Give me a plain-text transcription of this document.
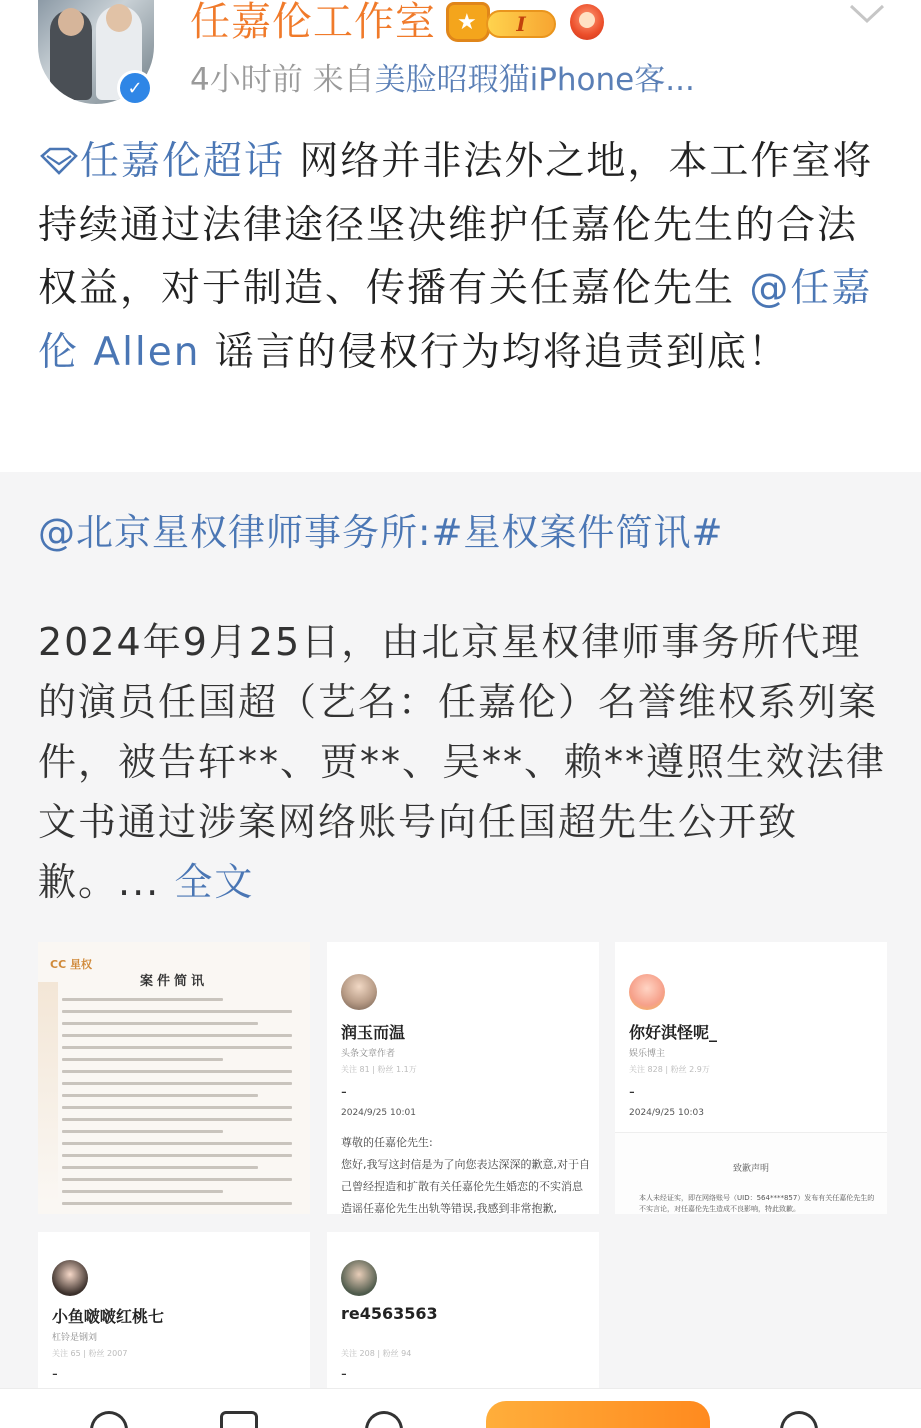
✓
任嘉伦工作室
★	I
4小时前 来自美脸昭瑕猫iPhone客...
任嘉伦超话 网络并非法外之地，本工作室将持续通过法律途径坚决维护任嘉伦先生的合法权益，对于制造、传播有关任嘉伦先生 @任嘉伦 Allen 谣言的侵权行为均将追责到底！
@北京星权律师事务所:#星权案件简讯#
2024年9月25日，由北京星权律师事务所代理的演员任国超（艺名：任嘉伦）名誉维权系列案件，被告轩**、贾**、吴**、赖**遵照生效法律文书通过涉案网络账号向任国超先生公开致歉。... 全文
CC 星权
案件简讯
润玉而温
头条文章作者
关注 81 | 粉丝 1.1万
-
2024/9/25 10:01
尊敬的任嘉伦先生:
您好,我写这封信是为了向您表达深深的歉意,对于自己曾经捏造和扩散有关任嘉伦先生婚恋的不实消息造谣任嘉伦先生出轨等错误,我感到非常抱歉,
你好淇怪呢_
娱乐博主
关注 828 | 粉丝 2.9万
-
2024/9/25 10:03
致歉声明
本人未经证实，即在网络账号（UID：564****857）发布有关任嘉伦先生的不实言论，对任嘉伦先生造成不良影响，特此致歉。
小鱼啵啵红桃七
杠铃是钢刘
关注 65 | 粉丝 2007
-
re4563563
关注 208 | 粉丝 94
-
